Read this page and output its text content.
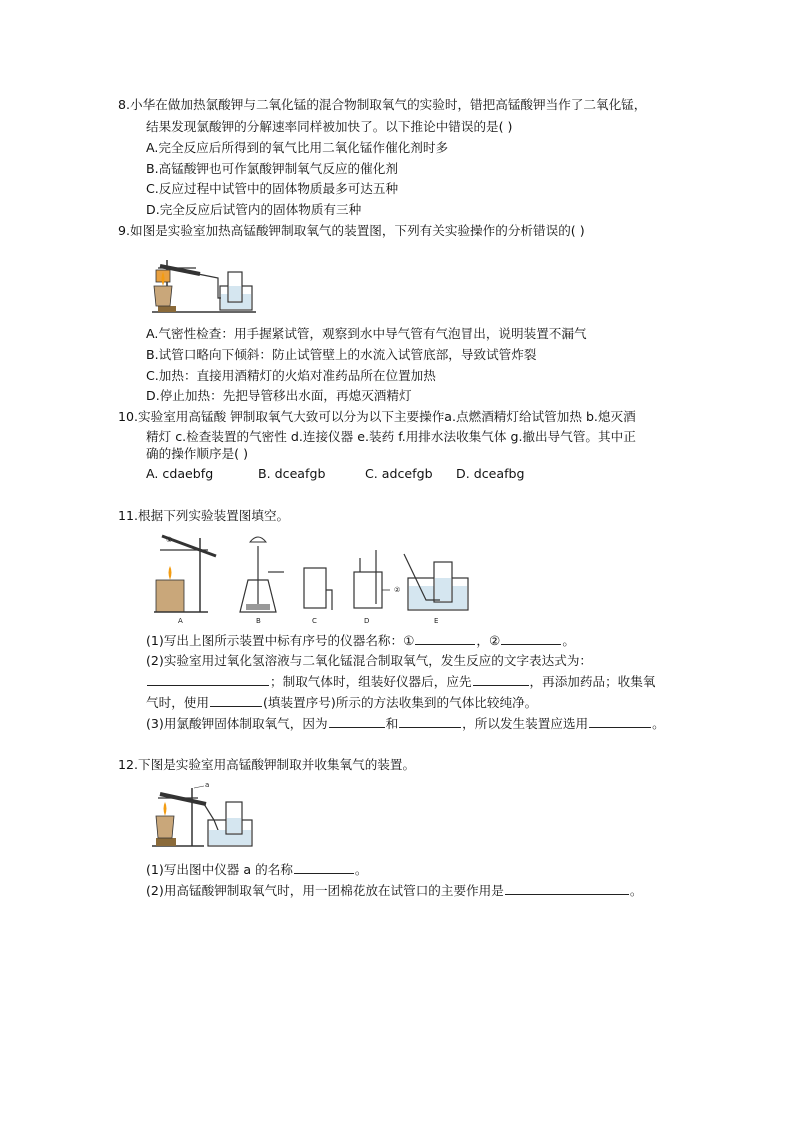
8.小华在做加热氯酸钾与二氧化锰的混合物制取氧气的实验时，错把高锰酸钾当作了二氧化锰，
结果发现氯酸钾的分解速率同样被加快了。以下推论中错误的是( )
A.完全反应后所得到的氧气比用二氧化锰作催化剂时多
B.高锰酸钾也可作氯酸钾制氧气反应的催化剂
C.反应过程中试管中的固体物质最多可达五种
D.完全反应后试管内的固体物质有三种
9.如图是实验室加热高锰酸钾制取氧气的装置图，下列有关实验操作的分析错误的( )
A.气密性检查：用手握紧试管，观察到水中导气管有气泡冒出，说明装置不漏气
B.试管口略向下倾斜：防止试管壁上的水流入试管底部，导致试管炸裂
C.加热：直接用酒精灯的火焰对准药品所在位置加热
D.停止加热：先把导管移出水面，再熄灭酒精灯
10.实验室用高锰酸 钾制取氧气大致可以分为以下主要操作a.点燃酒精灯给试管加热 b.熄灭酒
精灯 c.检查装置的气密性 d.连接仪器 e.装药 f.用排水法收集气体 g.撤出导气管。其中正
确的操作顺序是( )
A. cdaebfg	B. dceafgb	C. adcefgb D. dceafbg
11.根据下列实验装置图填空。
①
②
A	B	C	D	E
(1)写出上图所示装置中标有序号的仪器名称：①	，②	。
(2)实验室用过氧化氢溶液与二氧化锰混合制取氧气，发生反应的文字表达式为：
；制取气体时，组装好仪器后，应先	，再添加药品；收集氧
气时，使用	(填装置序号)所示的方法收集到的气体比较纯净。
(3)用氯酸钾固体制取氧气，因为	和	，所以发生装置应选用	。
12.下图是实验室用高锰酸钾制取并收集氧气的装置。
a
(1)写出图中仪器 a 的名称	。
(2)用高锰酸钾制取氧气时，用一团棉花放在试管口的主要作用是	。
